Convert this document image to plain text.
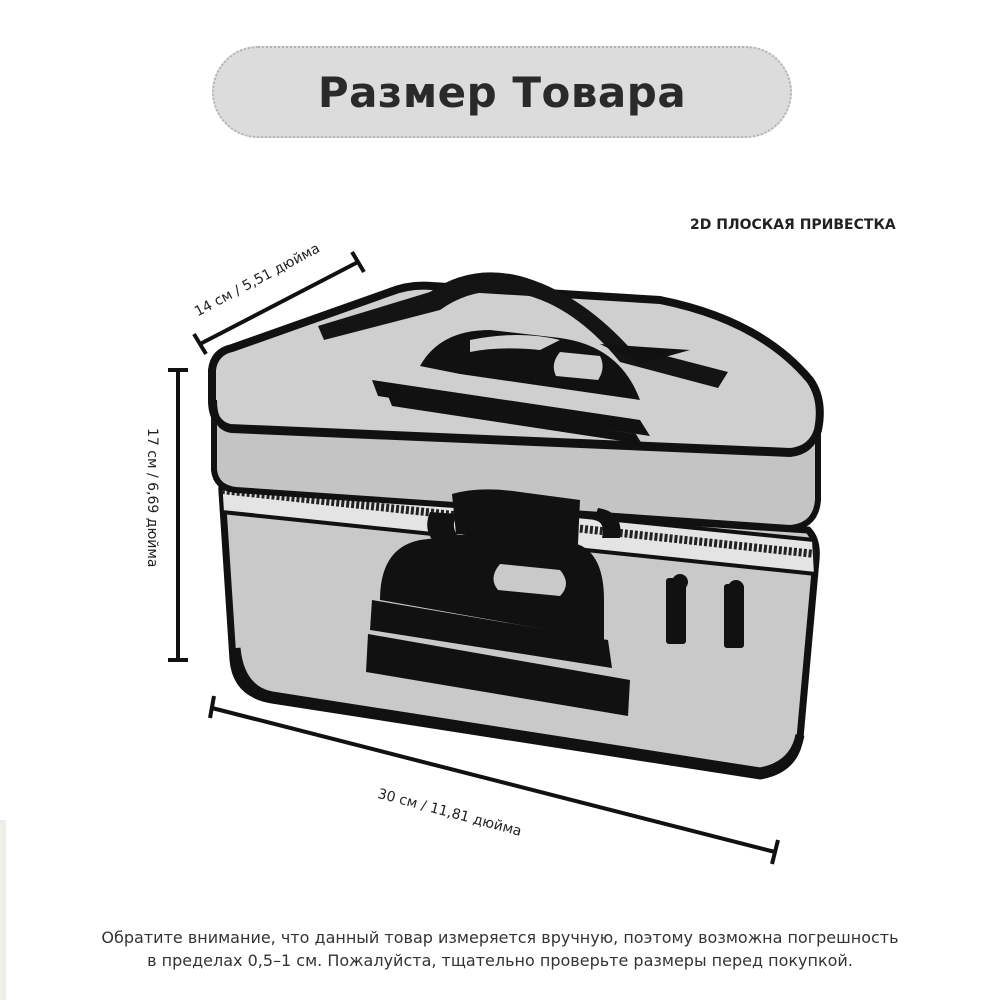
Размер Товара
2D ПЛОСКАЯ ПРИВЕСТКА
14 см / 5,51 дюйма
17 см / 6,69 дюйма
30 см / 11,81 дюйма
Обратите внимание, что данный товар измеряется вручную, поэтому возможна погрешность
в пределах 0,5–1 см. Пожалуйста, тщательно проверьте размеры перед покупкой.
